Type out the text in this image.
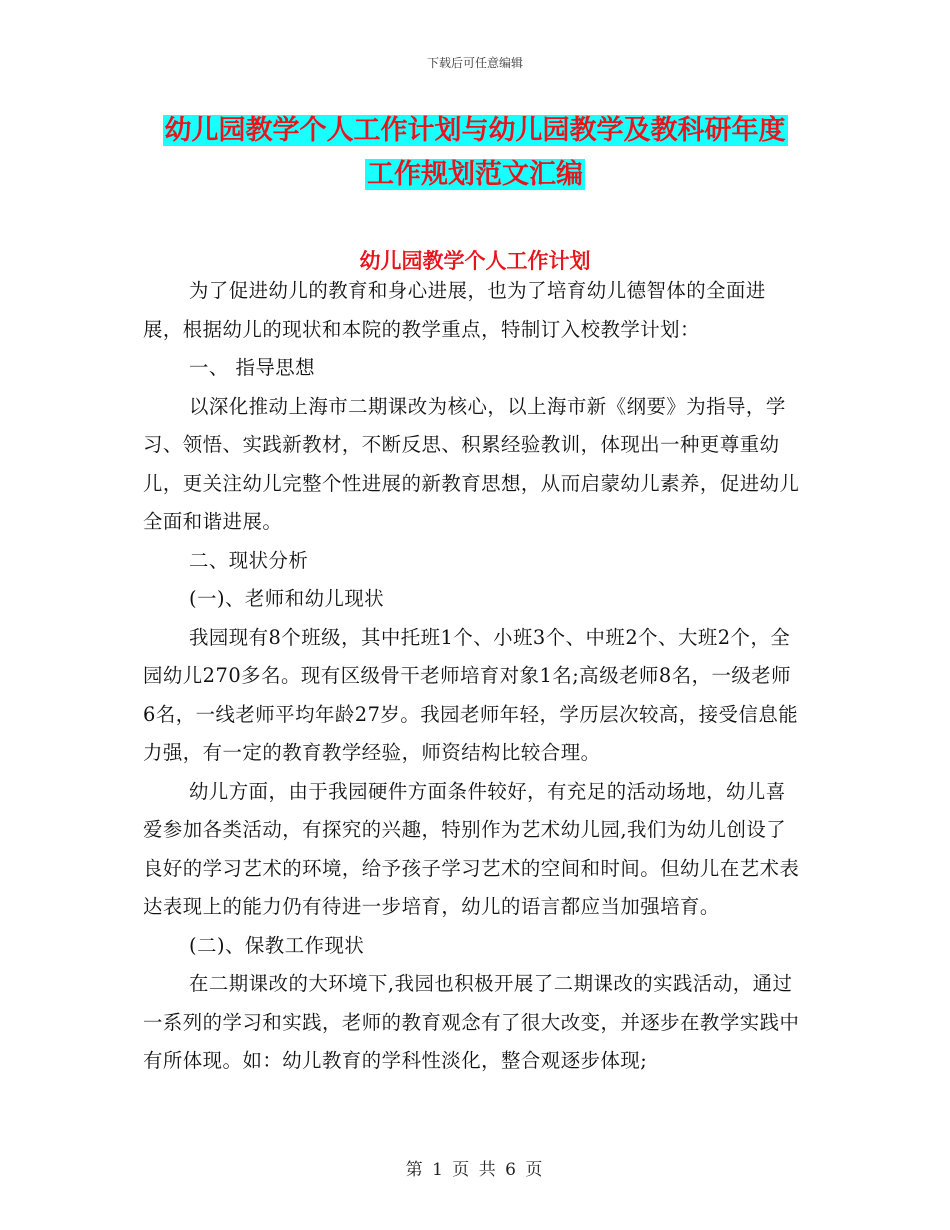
下载后可任意编辑
幼儿园教学个人工作计划与幼儿园教学及教科研年度
工作规划范文汇编
幼儿园教学个人工作计划

为了促进幼儿的教育和身心进展，也为了培育幼儿德智体的全面进展，根据幼儿的现状和本院的教学重点，特制订入校教学计划：

一、 指导思想

以深化推动上海市二期课改为核心，以上海市新《纲要》为指导，学习、领悟、实践新教材，不断反思、积累经验教训，体现出一种更尊重幼儿，更关注幼儿完整个性进展的新教育思想，从而启蒙幼儿素养，促进幼儿全面和谐进展。

二、现状分析

(一)、老师和幼儿现状

我园现有8个班级，其中托班1个、小班3个、中班2个、大班2个，全园幼儿270多名。现有区级骨干老师培育对象1名;高级老师8名，一级老师6名，一线老师平均年龄27岁。我园老师年轻，学历层次较高，接受信息能力强，有一定的教育教学经验，师资结构比较合理。

幼儿方面，由于我园硬件方面条件较好，有充足的活动场地，幼儿喜爱参加各类活动，有探究的兴趣，特别作为艺术幼儿园,我们为幼儿创设了良好的学习艺术的环境，给予孩子学习艺术的空间和时间。但幼儿在艺术表达表现上的能力仍有待进一步培育，幼儿的语言都应当加强培育。

(二)、保教工作现状

在二期课改的大环境下,我园也积极开展了二期课改的实践活动，通过一系列的学习和实践，老师的教育观念有了很大改变，并逐步在教学实践中有所体现。如：幼儿教育的学科性淡化，整合观逐步体现;

第 1 页 共 6 页
